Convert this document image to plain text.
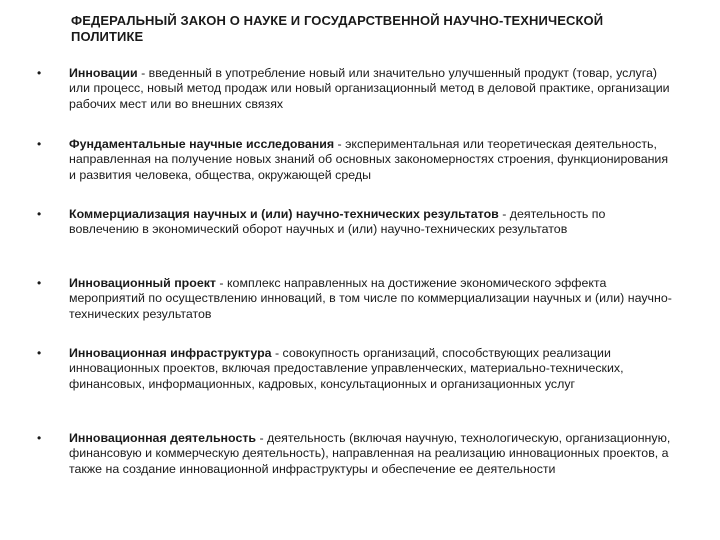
ФЕДЕРАЛЬНЫЙ ЗАКОН О НАУКЕ И ГОСУДАРСТВЕННОЙ НАУЧНО-ТЕХНИЧЕСКОЙ ПОЛИТИКЕ
• Инновации - введенный в употребление новый или значительно улучшенный продукт (товар, услуга) или процесс, новый метод продаж или новый организационный метод в деловой практике, организации рабочих мест или во внешних связях
• Фундаментальные научные исследования - экспериментальная или теоретическая деятельность, направленная на получение новых знаний об основных закономерностях строения, функционирования и развития человека, общества, окружающей среды
• Коммерциализация научных и (или) научно-технических результатов - деятельность по вовлечению в экономический оборот научных и (или) научно-технических результатов
• Инновационный проект - комплекс направленных на достижение экономического эффекта мероприятий по осуществлению инноваций, в том числе по коммерциализации научных и (или) научно-технических результатов
• Инновационная инфраструктура - совокупность организаций, способствующих реализации инновационных проектов, включая предоставление управленческих, материально-технических, финансовых, информационных, кадровых, консультационных и организационных услуг
• Инновационная деятельность - деятельность (включая научную, технологическую, организационную, финансовую и коммерческую деятельность), направленная на реализацию инновационных проектов, а также на создание инновационной инфраструктуры и обеспечение ее деятельности
